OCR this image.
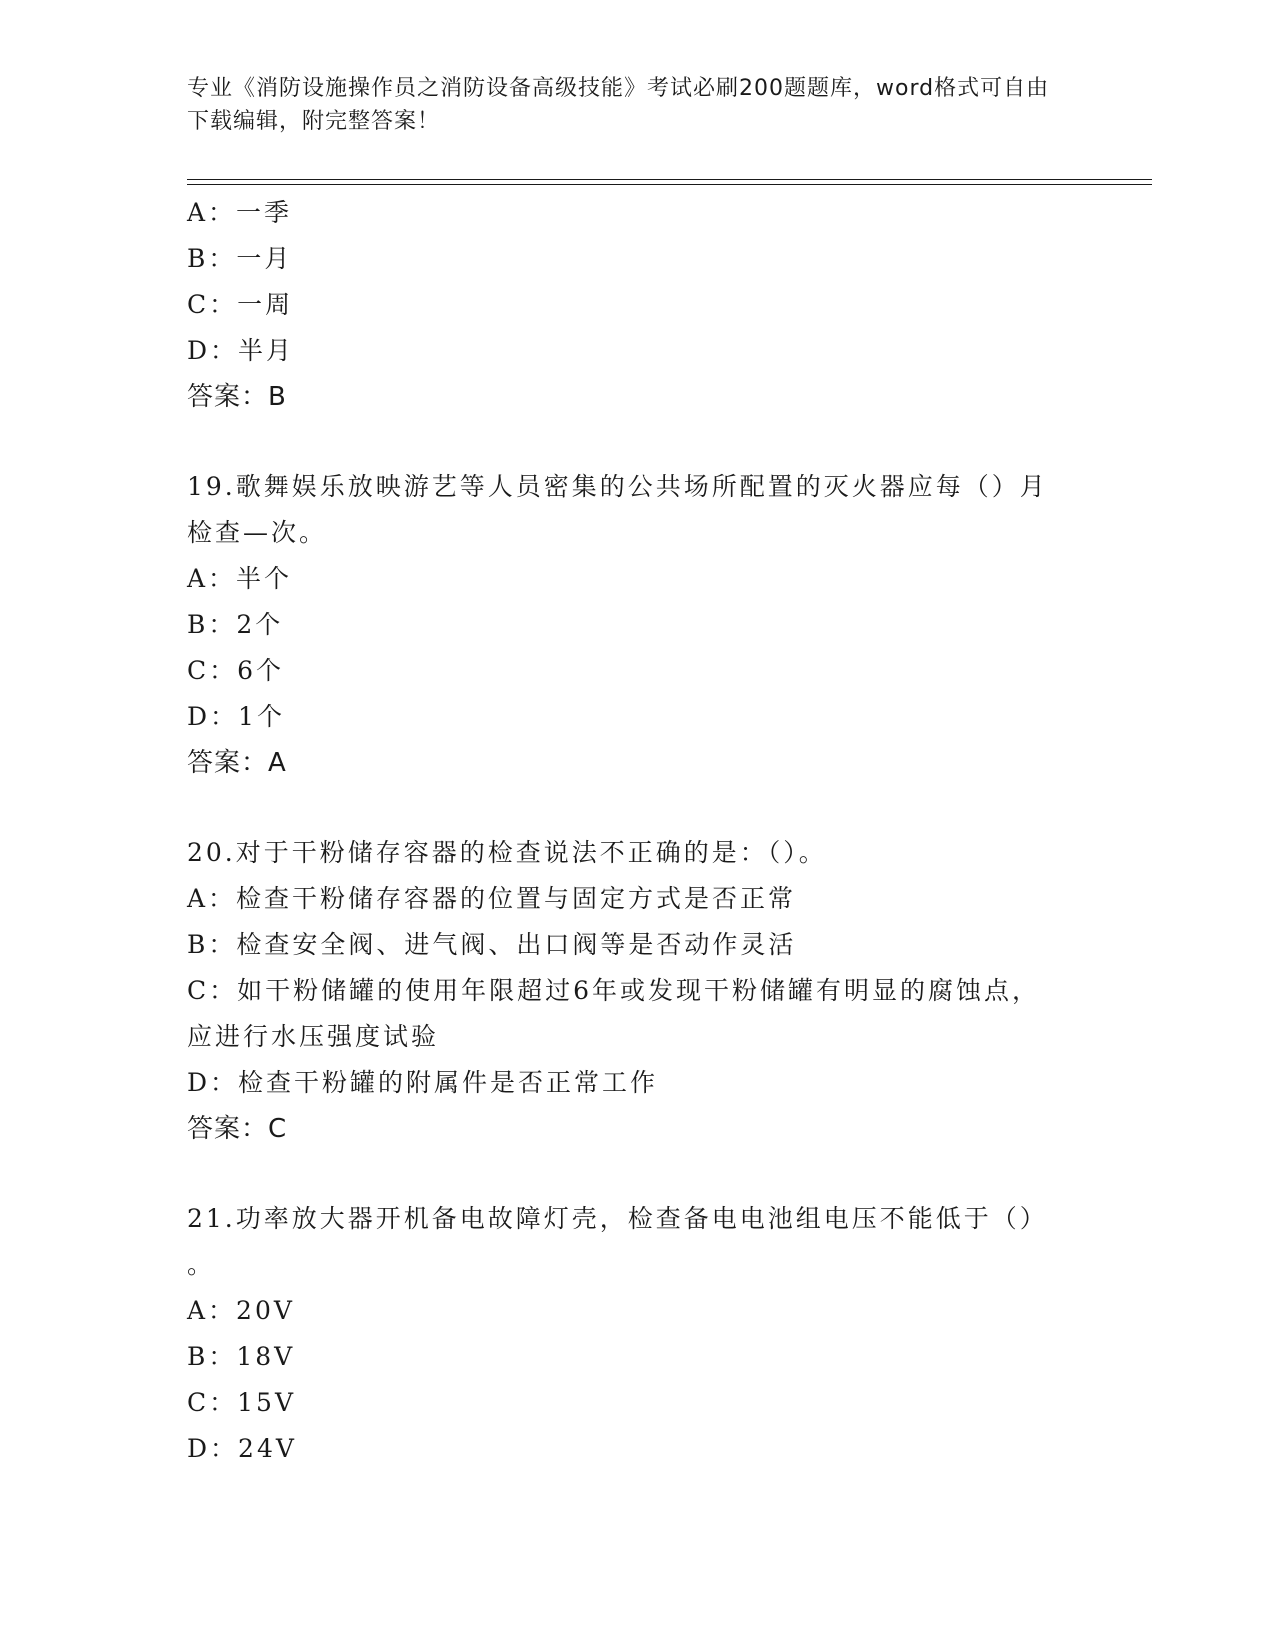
专业《消防设施操作员之消防设备高级技能》考试必刷200题题库，word格式可自由下载编辑，附完整答案！
A：一季
B：一月
C：一周
D：半月
答案：B
19.歌舞娱乐放映游艺等人员密集的公共场所配置的灭火器应每（）月
检查—次。
A：半个
B：2个
C：6个
D：1个
答案：A
20.对于干粉储存容器的检查说法不正确的是：（）。
A：检查干粉储存容器的位置与固定方式是否正常
B：检查安全阀、进气阀、出口阀等是否动作灵活
C：如干粉储罐的使用年限超过6年或发现干粉储罐有明显的腐蚀点，
应进行水压强度试验
D：检查干粉罐的附属件是否正常工作
答案：C
21.功率放大器开机备电故障灯壳，检查备电电池组电压不能低于（）
。
A：20V
B：18V
C：15V
D：24V
